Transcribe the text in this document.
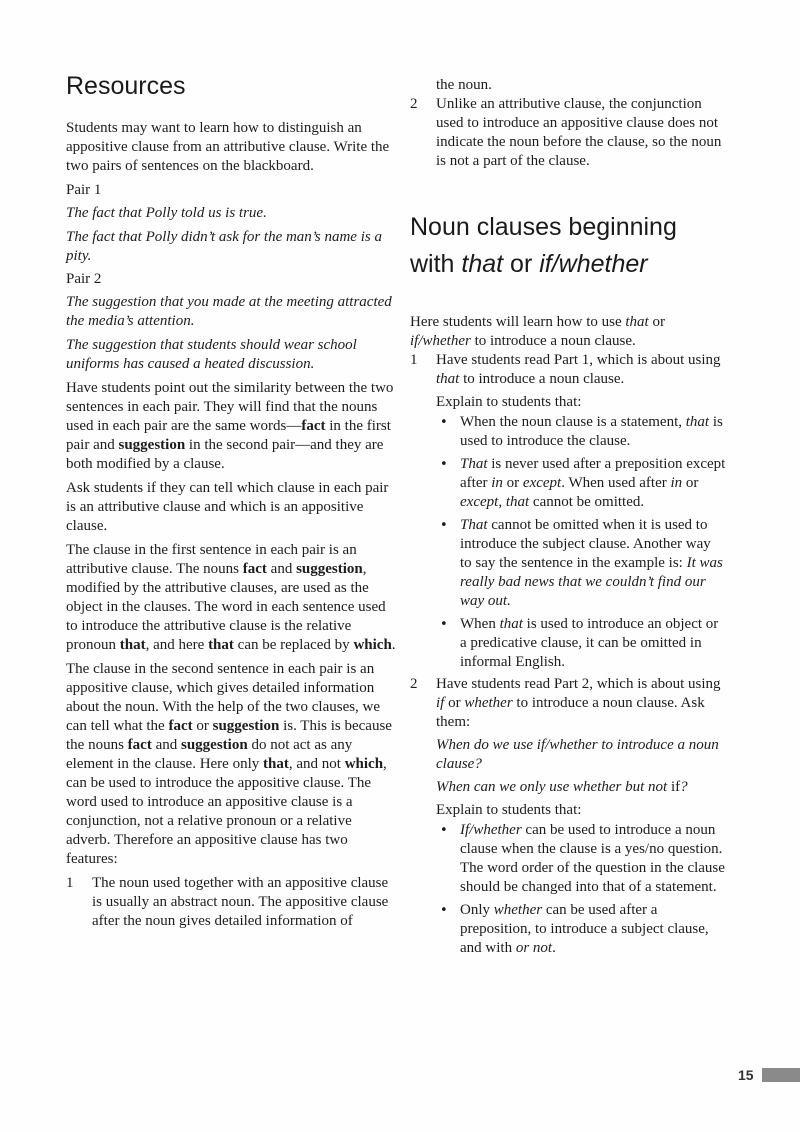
Resources

Students may want to learn how to distinguish an appositive clause from an attributive clause. Write the two pairs of sentences on the blackboard.

Pair 1

The fact that Polly told us is true.

The fact that Polly didn’t ask for the man’s name is a pity.

Pair 2

The suggestion that you made at the meeting attracted the media’s attention.

The suggestion that students should wear school uniforms has caused a heated discussion.

Have students point out the similarity between the two sentences in each pair. They will find that the nouns used in each pair are the same words—fact in the first pair and suggestion in the second pair—and they are both modified by a clause.

Ask students if they can tell which clause in each pair is an attributive clause and which is an appositive clause.

The clause in the first sentence in each pair is an attributive clause. The nouns fact and suggestion, modified by the attributive clauses, are used as the object in the clauses. The word in each sentence used to introduce the attributive clause is the relative pronoun that, and here that can be replaced by which.

The clause in the second sentence in each pair is an appositive clause, which gives detailed information about the noun. With the help of the two clauses, we can tell what the fact or suggestion is. This is because the nouns fact and suggestion do not act as any element in the clause. Here only that, and not which, can be used to introduce the appositive clause. The word used to introduce an appositive clause is a conjunction, not a relative pronoun or a relative adverb. Therefore an appositive clause has two features:

1 The noun used together with an appositive clause is usually an abstract noun. The appositive clause after the noun gives detailed information of

the noun.

2 Unlike an attributive clause, the conjunction used to introduce an appositive clause does not indicate the noun before the clause, so the noun is not a part of the clause.
Noun clauses beginning
with that or if/whether

Here students will learn how to use that or if/whether to introduce a noun clause.

1 Have students read Part 1, which is about using that to introduce a noun clause.

Explain to students that:

• When the noun clause is a statement, that is used to introduce the clause.
• That is never used after a preposition except after in or except. When used after in or except, that cannot be omitted.
• That cannot be omitted when it is used to introduce the subject clause. Another way to say the sentence in the example is: It was really bad news that we couldn’t find our way out.
• When that is used to introduce an object or a predicative clause, it can be omitted in informal English.
2 Have students read Part 2, which is about using if or whether to introduce a noun clause. Ask them:

When do we use if/whether to introduce a noun clause?

When can we only use whether but not if?

Explain to students that:

• If/whether can be used to introduce a noun clause when the clause is a yes/no question. The word order of the question in the clause should be changed into that of a statement.
• Only whether can be used after a preposition, to introduce a subject clause, and with or not.
15
